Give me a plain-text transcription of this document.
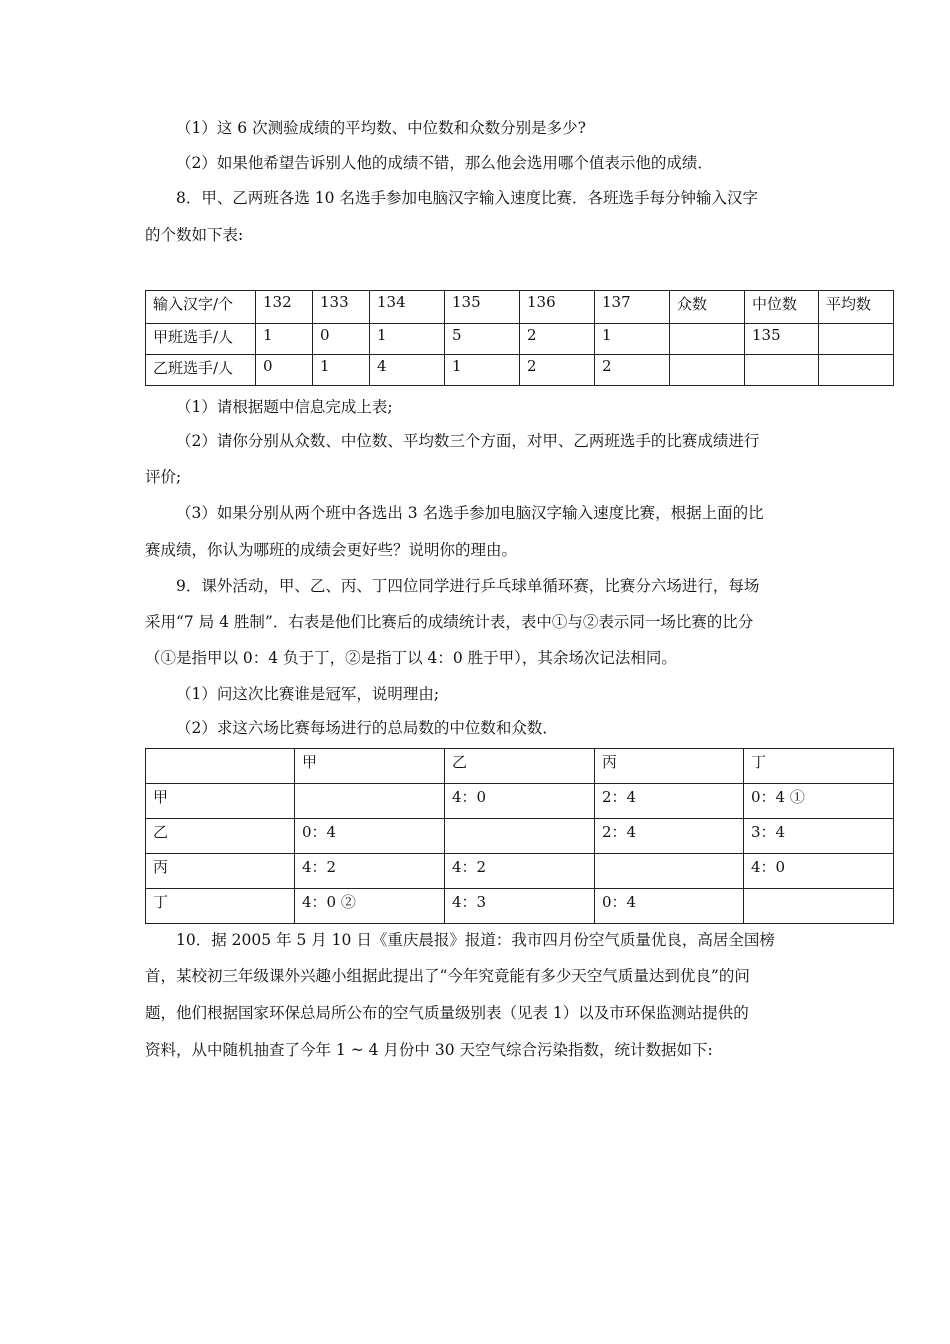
（1）这 6 次测验成绩的平均数、中位数和众数分别是多少?
（2）如果他希望告诉别人他的成绩不错，那么他会选用哪个值表示他的成绩．
8．甲、乙两班各选 10 名选手参加电脑汉字输入速度比赛．各班选手每分钟输入汉字
的个数如下表:
输入汉字/个	132	133	134	135	136	137	众数	中位数	平均数
甲班选手/人	1	0	1	5	2	1		135	
乙班选手/人	0	1	4	1	2	2			
（1）请根据题中信息完成上表;
（2）请你分别从众数、中位数、平均数三个方面，对甲、乙两班选手的比赛成绩进行
评价;
（3）如果分别从两个班中各选出 3 名选手参加电脑汉字输入速度比赛，根据上面的比
赛成绩，你认为哪班的成绩会更好些？说明你的理由。
9．课外活动，甲、乙、丙、丁四位同学进行乒乓球单循环赛，比赛分六场进行，每场
采用“7 局 4 胜制”．右表是他们比赛后的成绩统计表，表中①与②表示同一场比赛的比分
（①是指甲以 0：4 负于丁，②是指丁以 4：0 胜于甲），其余场次记法相同。
（1）问这次比赛谁是冠军，说明理由;
（2）求这六场比赛每场进行的总局数的中位数和众数．
	甲	乙	丙	丁
甲		4：0	2：4	0：4 ①
乙	0：4		2：4	3：4
丙	4：2	4：2		4：0
丁	4：0 ②	4：3	0：4	
10．据 2005 年 5 月 10 日《重庆晨报》报道：我市四月份空气质量优良，高居全国榜
首，某校初三年级课外兴趣小组据此提出了“今年究竟能有多少天空气质量达到优良”的问
题，他们根据国家环保总局所公布的空气质量级别表（见表 1）以及市环保监测站提供的
资料，从中随机抽查了今年 1 ~ 4 月份中 30 天空气综合污染指数，统计数据如下:
